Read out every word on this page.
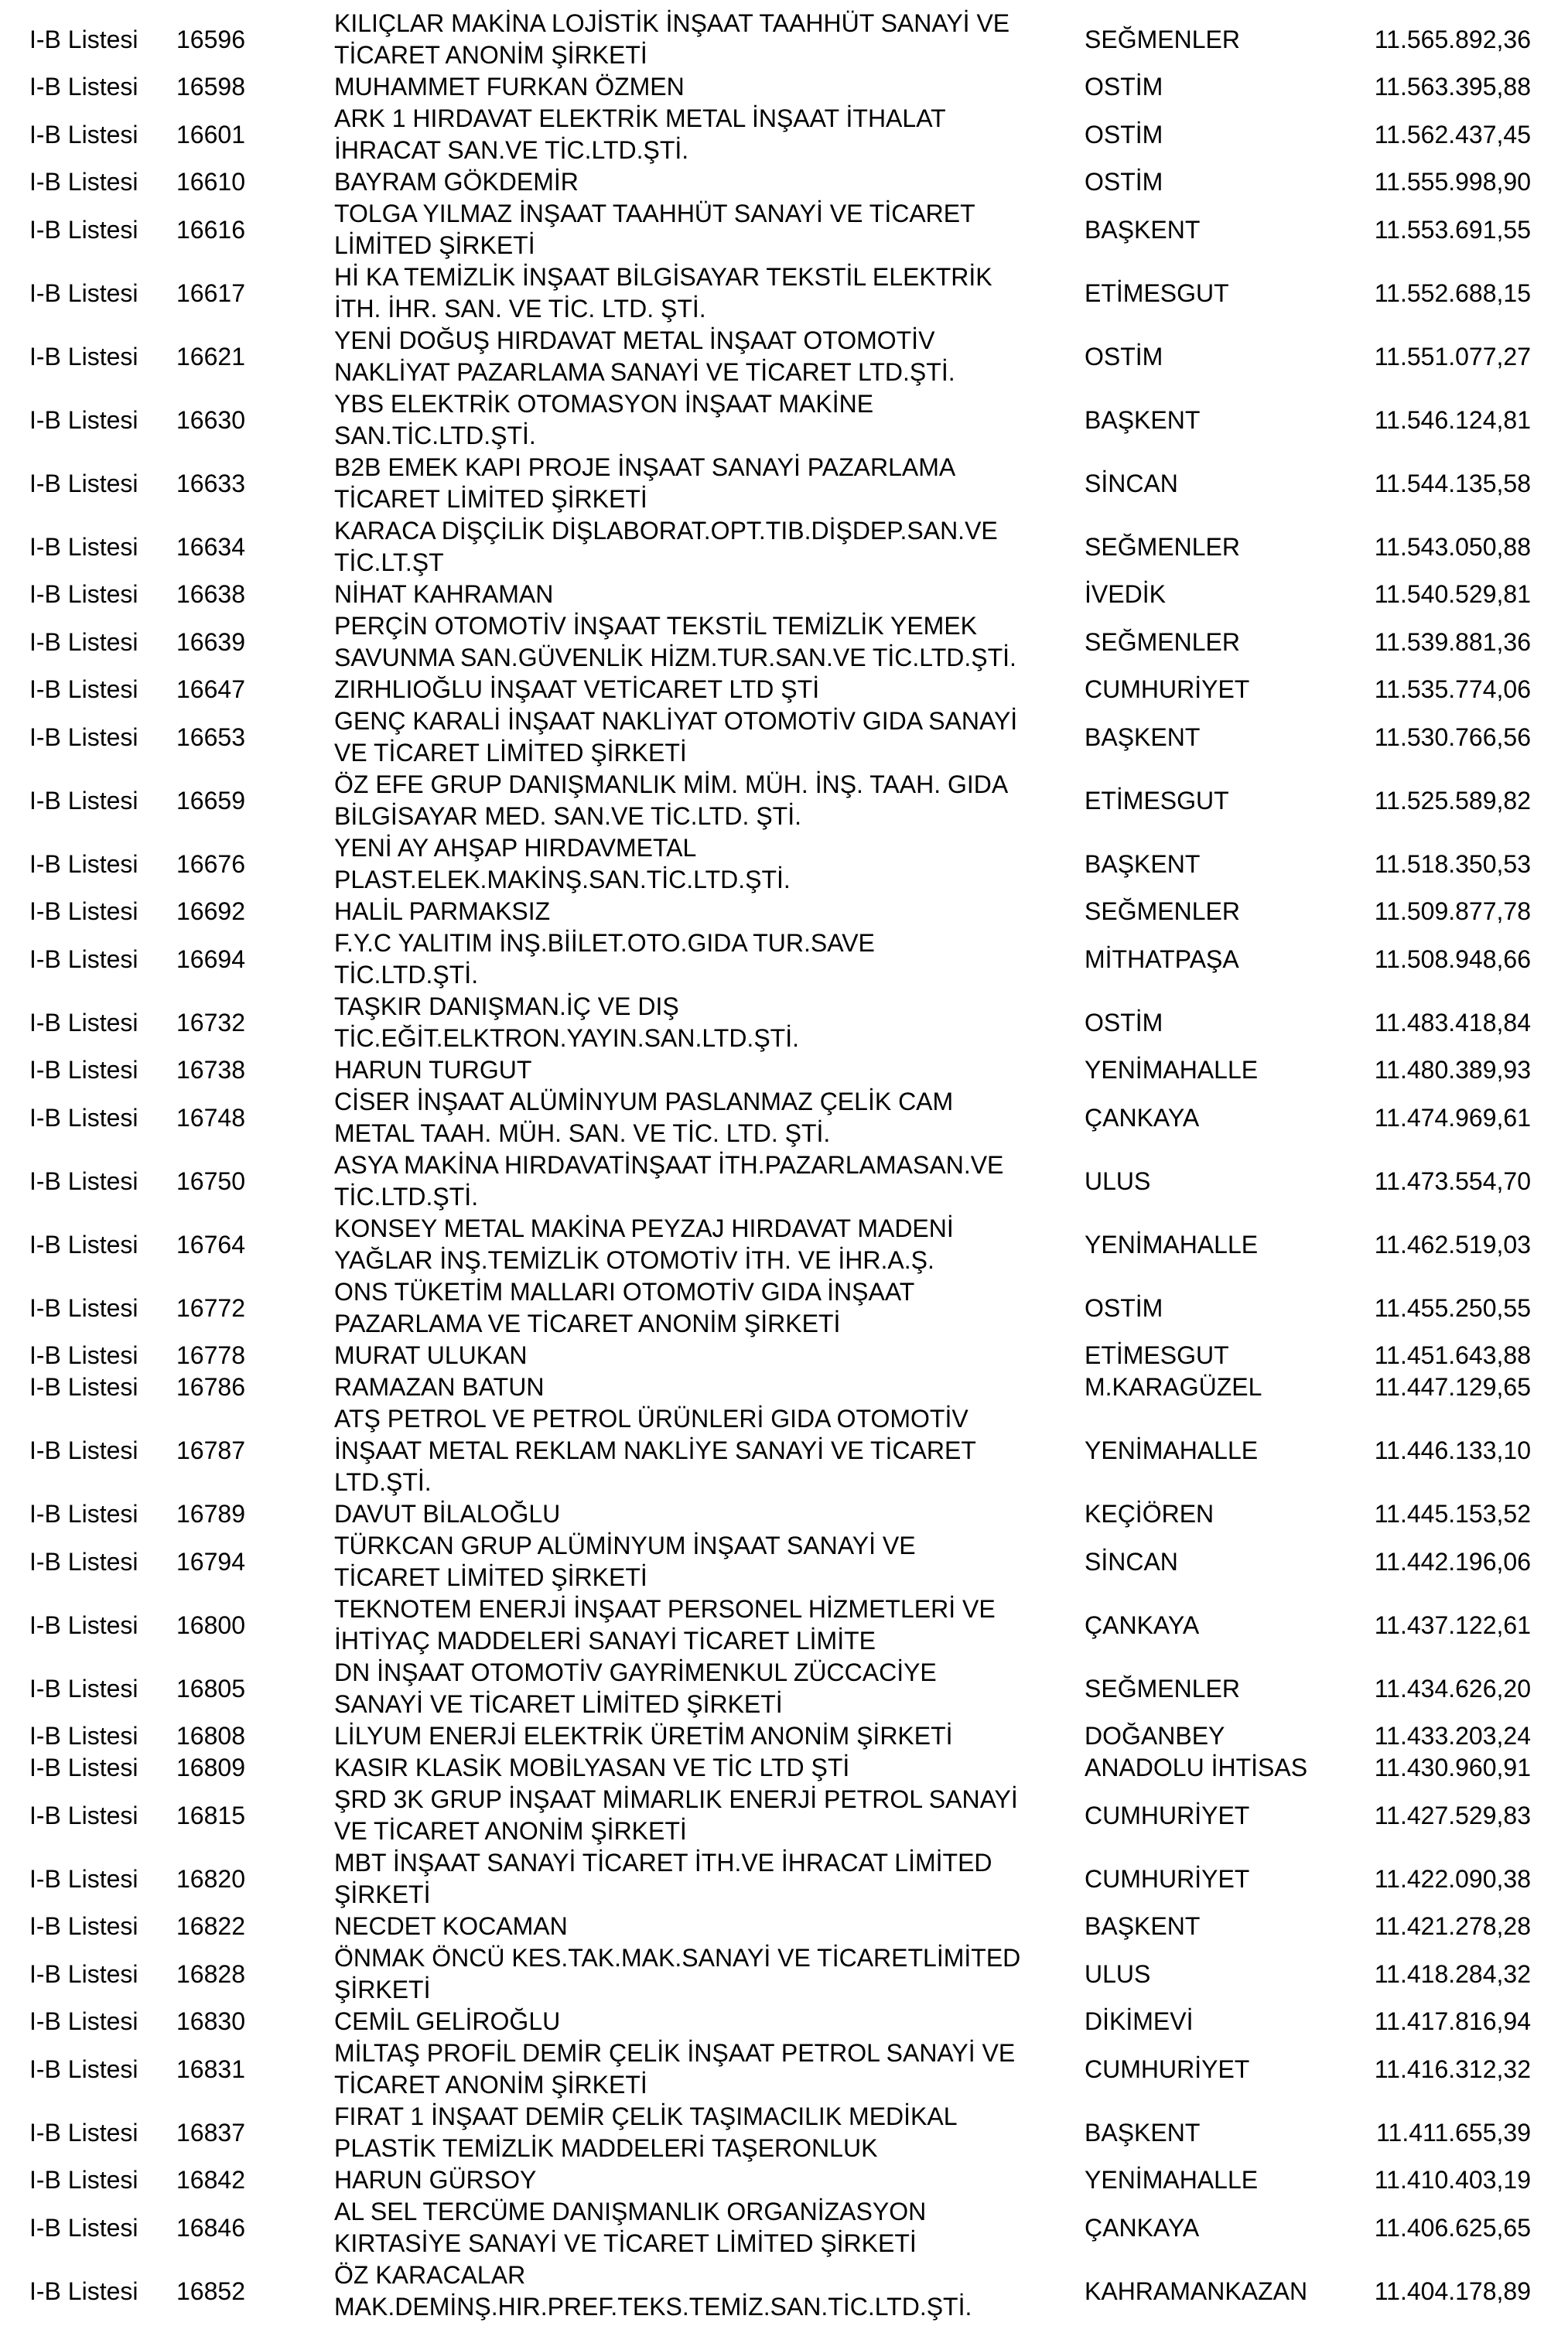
I-B Listesi	16596	KILIÇLAR MAKİNA LOJİSTİK İNŞAAT TAAHHÜT SANAYİ VE
TİCARET ANONİM ŞİRKETİ	SEĞMENLER	11.565.892,36
I-B Listesi	16598	MUHAMMET FURKAN ÖZMEN	OSTİM	11.563.395,88
I-B Listesi	16601	ARK 1 HIRDAVAT ELEKTRİK METAL İNŞAAT İTHALAT
İHRACAT SAN.VE TİC.LTD.ŞTİ.	OSTİM	11.562.437,45
I-B Listesi	16610	BAYRAM GÖKDEMİR	OSTİM	11.555.998,90
I-B Listesi	16616	TOLGA YILMAZ İNŞAAT TAAHHÜT SANAYİ VE TİCARET
LİMİTED ŞİRKETİ	BAŞKENT	11.553.691,55
I-B Listesi	16617	Hİ KA TEMİZLİK İNŞAAT BİLGİSAYAR TEKSTİL ELEKTRİK
İTH. İHR. SAN. VE TİC. LTD. ŞTİ.	ETİMESGUT	11.552.688,15
I-B Listesi	16621	YENİ DOĞUŞ HIRDAVAT METAL İNŞAAT OTOMOTİV
NAKLİYAT PAZARLAMA SANAYİ VE TİCARET LTD.ŞTİ.	OSTİM	11.551.077,27
I-B Listesi	16630	YBS ELEKTRİK OTOMASYON İNŞAAT MAKİNE
SAN.TİC.LTD.ŞTİ.	BAŞKENT	11.546.124,81
I-B Listesi	16633	B2B EMEK KAPI PROJE İNŞAAT SANAYİ PAZARLAMA
TİCARET LİMİTED ŞİRKETİ	SİNCAN	11.544.135,58
I-B Listesi	16634	KARACA DİŞÇİLİK DİŞLABORAT.OPT.TIB.DİŞDEP.SAN.VE
TİC.LT.ŞT	SEĞMENLER	11.543.050,88
I-B Listesi	16638	NİHAT KAHRAMAN	İVEDİK	11.540.529,81
I-B Listesi	16639	PERÇİN OTOMOTİV İNŞAAT TEKSTİL TEMİZLİK YEMEK
SAVUNMA SAN.GÜVENLİK HİZM.TUR.SAN.VE TİC.LTD.ŞTİ.	SEĞMENLER	11.539.881,36
I-B Listesi	16647	ZIRHLIOĞLU İNŞAAT VETİCARET LTD ŞTİ	CUMHURİYET	11.535.774,06
I-B Listesi	16653	GENÇ KARALİ İNŞAAT NAKLİYAT OTOMOTİV GIDA SANAYİ
VE TİCARET LİMİTED ŞİRKETİ	BAŞKENT	11.530.766,56
I-B Listesi	16659	ÖZ EFE GRUP DANIŞMANLIK MİM. MÜH. İNŞ. TAAH. GIDA
BİLGİSAYAR MED. SAN.VE TİC.LTD. ŞTİ.	ETİMESGUT	11.525.589,82
I-B Listesi	16676	YENİ AY AHŞAP HIRDAVMETAL
PLAST.ELEK.MAKİNŞ.SAN.TİC.LTD.ŞTİ.	BAŞKENT	11.518.350,53
I-B Listesi	16692	HALİL PARMAKSIZ	SEĞMENLER	11.509.877,78
I-B Listesi	16694	F.Y.C YALITIM İNŞ.BİİLET.OTO.GIDA TUR.SAVE
TİC.LTD.ŞTİ.	MİTHATPAŞA	11.508.948,66
I-B Listesi	16732	TAŞKIR DANIŞMAN.İÇ VE DIŞ
TİC.EĞİT.ELKTRON.YAYIN.SAN.LTD.ŞTİ.	OSTİM	11.483.418,84
I-B Listesi	16738	HARUN TURGUT	YENİMAHALLE	11.480.389,93
I-B Listesi	16748	CİSER İNŞAAT ALÜMİNYUM PASLANMAZ ÇELİK CAM
METAL TAAH. MÜH. SAN. VE TİC. LTD. ŞTİ.	ÇANKAYA	11.474.969,61
I-B Listesi	16750	ASYA MAKİNA HIRDAVATİNŞAAT İTH.PAZARLAMASAN.VE
TİC.LTD.ŞTİ.	ULUS	11.473.554,70
I-B Listesi	16764	KONSEY METAL MAKİNA PEYZAJ HIRDAVAT MADENİ
YAĞLAR İNŞ.TEMİZLİK OTOMOTİV İTH. VE İHR.A.Ş.	YENİMAHALLE	11.462.519,03
I-B Listesi	16772	ONS TÜKETİM MALLARI OTOMOTİV GIDA İNŞAAT
PAZARLAMA VE TİCARET ANONİM ŞİRKETİ	OSTİM	11.455.250,55
I-B Listesi	16778	MURAT ULUKAN	ETİMESGUT	11.451.643,88
I-B Listesi	16786	RAMAZAN BATUN	M.KARAGÜZEL	11.447.129,65
I-B Listesi	16787	ATŞ PETROL VE PETROL ÜRÜNLERİ GIDA OTOMOTİV
İNŞAAT METAL REKLAM NAKLİYE SANAYİ VE TİCARET
LTD.ŞTİ.	YENİMAHALLE	11.446.133,10
I-B Listesi	16789	DAVUT BİLALOĞLU	KEÇİÖREN	11.445.153,52
I-B Listesi	16794	TÜRKCAN GRUP ALÜMİNYUM İNŞAAT SANAYİ VE
TİCARET LİMİTED ŞİRKETİ	SİNCAN	11.442.196,06
I-B Listesi	16800	TEKNOTEM ENERJİ İNŞAAT PERSONEL HİZMETLERİ VE
İHTİYAÇ MADDELERİ SANAYİ TİCARET LİMİTE	ÇANKAYA	11.437.122,61
I-B Listesi	16805	DN İNŞAAT OTOMOTİV GAYRİMENKUL ZÜCCACİYE
SANAYİ VE TİCARET LİMİTED ŞİRKETİ	SEĞMENLER	11.434.626,20
I-B Listesi	16808	LİLYUM ENERJİ ELEKTRİK ÜRETİM ANONİM ŞİRKETİ	DOĞANBEY	11.433.203,24
I-B Listesi	16809	KASIR KLASİK MOBİLYASAN VE TİC LTD ŞTİ	ANADOLU İHTİSAS	11.430.960,91
I-B Listesi	16815	ŞRD 3K GRUP İNŞAAT MİMARLIK ENERJİ PETROL SANAYİ
VE TİCARET ANONİM ŞİRKETİ	CUMHURİYET	11.427.529,83
I-B Listesi	16820	MBT İNŞAAT SANAYİ TİCARET İTH.VE İHRACAT LİMİTED
ŞİRKETİ	CUMHURİYET	11.422.090,38
I-B Listesi	16822	NECDET KOCAMAN	BAŞKENT	11.421.278,28
I-B Listesi	16828	ÖNMAK ÖNCÜ KES.TAK.MAK.SANAYİ VE TİCARETLİMİTED
ŞİRKETİ	ULUS	11.418.284,32
I-B Listesi	16830	CEMİL GELİROĞLU	DİKİMEVİ	11.417.816,94
I-B Listesi	16831	MİLTAŞ PROFİL DEMİR ÇELİK İNŞAAT PETROL SANAYİ VE
TİCARET ANONİM ŞİRKETİ	CUMHURİYET	11.416.312,32
I-B Listesi	16837	FIRAT 1 İNŞAAT DEMİR ÇELİK TAŞIMACILIK MEDİKAL
PLASTİK TEMİZLİK MADDELERİ TAŞERONLUK	BAŞKENT	11.411.655,39
I-B Listesi	16842	HARUN GÜRSOY	YENİMAHALLE	11.410.403,19
I-B Listesi	16846	AL SEL TERCÜME DANIŞMANLIK ORGANİZASYON
KIRTASİYE SANAYİ VE TİCARET LİMİTED ŞİRKETİ	ÇANKAYA	11.406.625,65
I-B Listesi	16852	ÖZ KARACALAR
MAK.DEMİNŞ.HIR.PREF.TEKS.TEMİZ.SAN.TİC.LTD.ŞTİ.	KAHRAMANKAZAN	11.404.178,89
